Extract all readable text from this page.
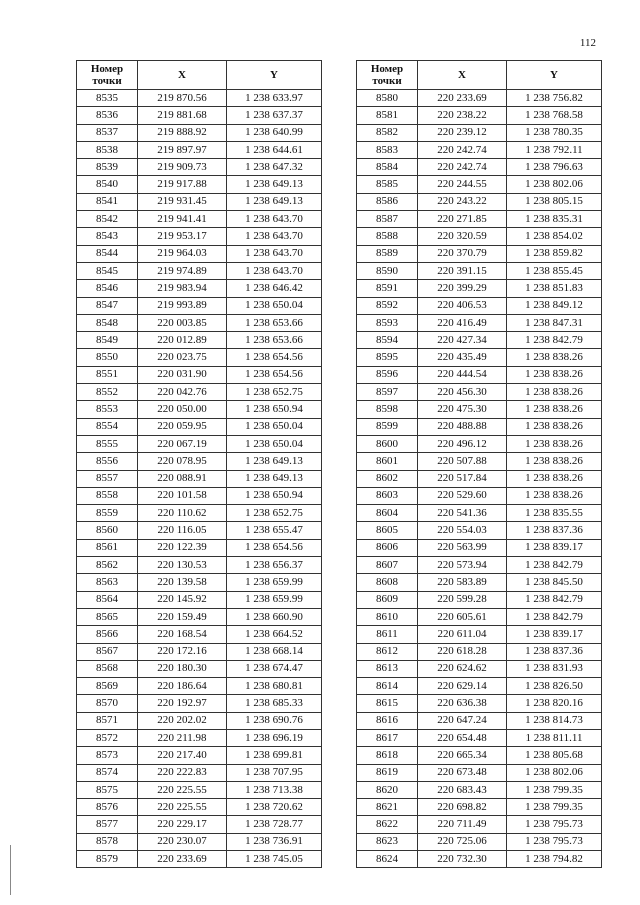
112
Номер
точки	X	Y
8535	219 870.56	1 238 633.97
8536	219 881.68	1 238 637.37
8537	219 888.92	1 238 640.99
8538	219 897.97	1 238 644.61
8539	219 909.73	1 238 647.32
8540	219 917.88	1 238 649.13
8541	219 931.45	1 238 649.13
8542	219 941.41	1 238 643.70
8543	219 953.17	1 238 643.70
8544	219 964.03	1 238 643.70
8545	219 974.89	1 238 643.70
8546	219 983.94	1 238 646.42
8547	219 993.89	1 238 650.04
8548	220 003.85	1 238 653.66
8549	220 012.89	1 238 653.66
8550	220 023.75	1 238 654.56
8551	220 031.90	1 238 654.56
8552	220 042.76	1 238 652.75
8553	220 050.00	1 238 650.94
8554	220 059.95	1 238 650.04
8555	220 067.19	1 238 650.04
8556	220 078.95	1 238 649.13
8557	220 088.91	1 238 649.13
8558	220 101.58	1 238 650.94
8559	220 110.62	1 238 652.75
8560	220 116.05	1 238 655.47
8561	220 122.39	1 238 654.56
8562	220 130.53	1 238 656.37
8563	220 139.58	1 238 659.99
8564	220 145.92	1 238 659.99
8565	220 159.49	1 238 660.90
8566	220 168.54	1 238 664.52
8567	220 172.16	1 238 668.14
8568	220 180.30	1 238 674.47
8569	220 186.64	1 238 680.81
8570	220 192.97	1 238 685.33
8571	220 202.02	1 238 690.76
8572	220 211.98	1 238 696.19
8573	220 217.40	1 238 699.81
8574	220 222.83	1 238 707.95
8575	220 225.55	1 238 713.38
8576	220 225.55	1 238 720.62
8577	220 229.17	1 238 728.77
8578	220 230.07	1 238 736.91
8579	220 233.69	1 238 745.05
Номер
точки	X	Y
8580	220 233.69	1 238 756.82
8581	220 238.22	1 238 768.58
8582	220 239.12	1 238 780.35
8583	220 242.74	1 238 792.11
8584	220 242.74	1 238 796.63
8585	220 244.55	1 238 802.06
8586	220 243.22	1 238 805.15
8587	220 271.85	1 238 835.31
8588	220 320.59	1 238 854.02
8589	220 370.79	1 238 859.82
8590	220 391.15	1 238 855.45
8591	220 399.29	1 238 851.83
8592	220 406.53	1 238 849.12
8593	220 416.49	1 238 847.31
8594	220 427.34	1 238 842.79
8595	220 435.49	1 238 838.26
8596	220 444.54	1 238 838.26
8597	220 456.30	1 238 838.26
8598	220 475.30	1 238 838.26
8599	220 488.88	1 238 838.26
8600	220 496.12	1 238 838.26
8601	220 507.88	1 238 838.26
8602	220 517.84	1 238 838.26
8603	220 529.60	1 238 838.26
8604	220 541.36	1 238 835.55
8605	220 554.03	1 238 837.36
8606	220 563.99	1 238 839.17
8607	220 573.94	1 238 842.79
8608	220 583.89	1 238 845.50
8609	220 599.28	1 238 842.79
8610	220 605.61	1 238 842.79
8611	220 611.04	1 238 839.17
8612	220 618.28	1 238 837.36
8613	220 624.62	1 238 831.93
8614	220 629.14	1 238 826.50
8615	220 636.38	1 238 820.16
8616	220 647.24	1 238 814.73
8617	220 654.48	1 238 811.11
8618	220 665.34	1 238 805.68
8619	220 673.48	1 238 802.06
8620	220 683.43	1 238 799.35
8621	220 698.82	1 238 799.35
8622	220 711.49	1 238 795.73
8623	220 725.06	1 238 795.73
8624	220 732.30	1 238 794.82
